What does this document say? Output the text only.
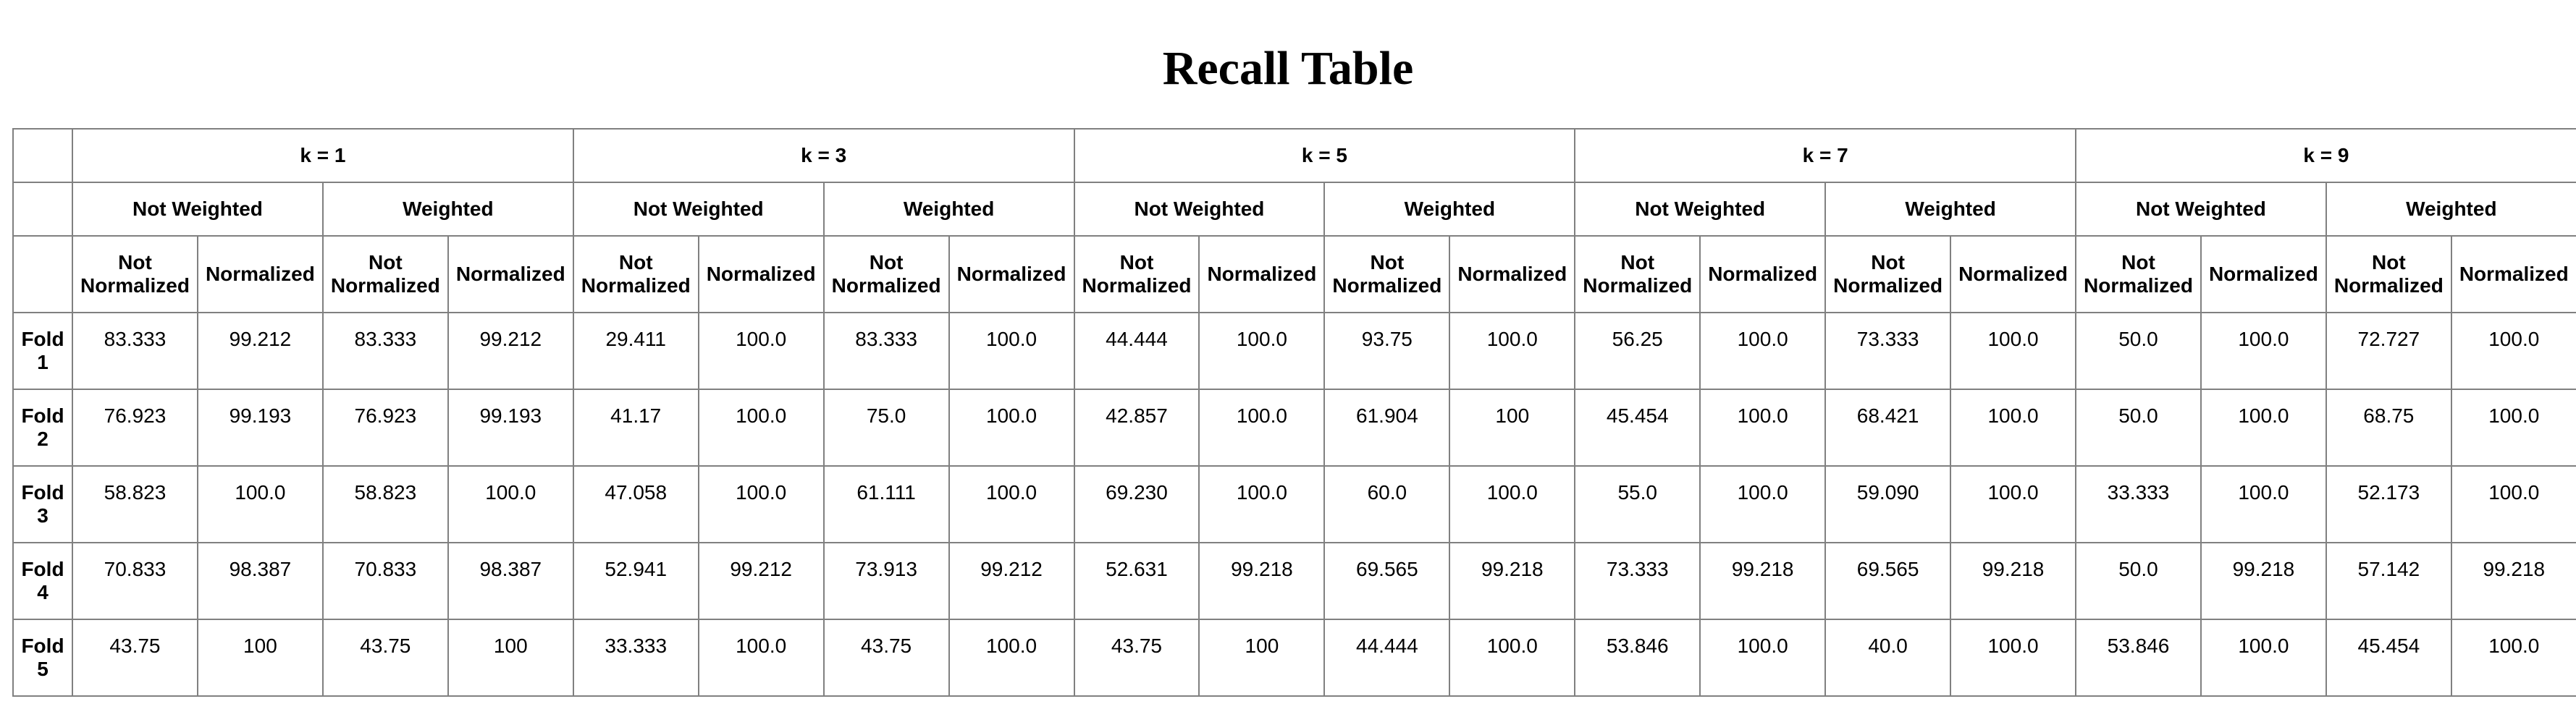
Recall Table
	k = 1				k = 3				k = 5				k = 7				k = 9			
	Not Weighted		Weighted		Not Weighted		Weighted		Not Weighted		Weighted		Not Weighted		Weighted		Not Weighted		Weighted	
	Not Normalized	Normalized	Not Normalized	Normalized	Not Normalized	Normalized	Not Normalized	Normalized	Not Normalized	Normalized	Not Normalized	Normalized	Not Normalized	Normalized	Not Normalized	Normalized	Not Normalized	Normalized	Not Normalized	Normalized
Fold 1	83.333	99.212	83.333	99.212	29.411	100.0	83.333	100.0	44.444	100.0	93.75	100.0	56.25	100.0	73.333	100.0	50.0	100.0	72.727	100.0
Fold 2	76.923	99.193	76.923	99.193	41.17	100.0	75.0	100.0	42.857	100.0	61.904	100	45.454	100.0	68.421	100.0	50.0	100.0	68.75	100.0
Fold 3	58.823	100.0	58.823	100.0	47.058	100.0	61.111	100.0	69.230	100.0	60.0	100.0	55.0	100.0	59.090	100.0	33.333	100.0	52.173	100.0
Fold 4	70.833	98.387	70.833	98.387	52.941	99.212	73.913	99.212	52.631	99.218	69.565	99.218	73.333	99.218	69.565	99.218	50.0	99.218	57.142	99.218
Fold 5	43.75	100	43.75	100	33.333	100.0	43.75	100.0	43.75	100	44.444	100.0	53.846	100.0	40.0	100.0	53.846	100.0	45.454	100.0
